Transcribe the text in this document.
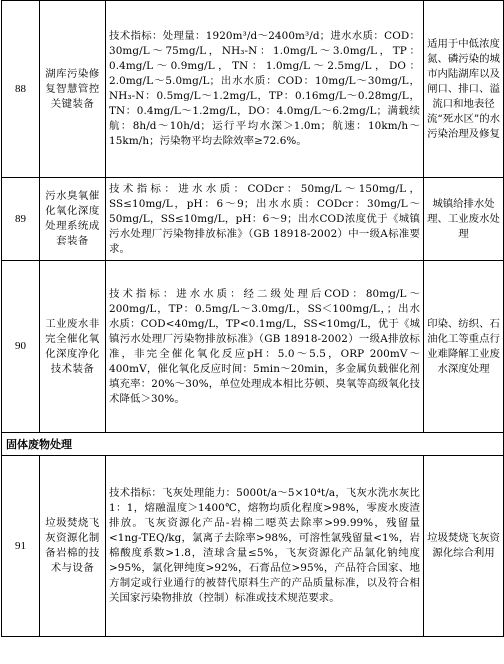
88	湖库污染修复智慧管控关键装备	技术指标：处理量：1920m³/d～2400m³/d；进水水质：COD：30mg/L～75mg/L，NH₃-N：1.0mg/L～3.0mg/L，TP：0.4mg/L～0.9mg/L，TN：1.0mg/L～2.5mg/L，DO：2.0mg/L～5.0mg/L；出水水质：COD：10mg/L～30mg/L，NH₃-N：0.5mg/L～1.2mg/L，TP：0.16mg/L～0.28mg/L，TN：0.4mg/L～1.2mg/L，DO：4.0mg/L～6.2mg/L；满载续航：8h/d～10h/d；运行平均水深＞1.0m；航速：10km/h～15km/h；污染物平均去除效率≥72.6%。	适用于中低浓度氮、磷污染的城市内陆湖库以及闸口、排口、溢流口和地表径流“死水区”的水污染治理及修复
89	污水臭氧催化氧化深度处理系统成套装备	技术指标：进水水质：CODcr：50mg/L～150mg/L，SS≤10mg/L，pH：6～9；出水水质：CODcr：30mg/L～50mg/L，SS≤10mg/L，pH：6～9；出水COD浓度优于《城镇污水处理厂污染物排放标准》（GB 18918-2002）中一级A标准要求。	城镇给排水处理、工业废水处理
90	工业废水非完全催化氧化深度净化技术装备	技术指标：进水水质：经二级处理后COD：80mg/L～200mg/L，TP：0.5mg/L～3.0mg/L，SS＜100mg/L，；出水水质：COD<40mg/L，TP<0.1mg/L，SS<10mg/L，优于《城镇污水处理厂污染物排放标准》（GB 18918-2002）一级A排放标准，非完全催化氧化反应pH：5.0～5.5，ORP 200mV～400mV，催化氧化反应时间：5min～20min，多金属负载催化剂填充率：20%～30%，单位处理成本相比芬顿、臭氧等高级氧化技术降低＞30%。	印染、纺织、石油化工等重点行业难降解工业废水深度处理
固体废物处理			
91	垃圾焚烧飞灰资源化制备岩棉的技术与设备	技术指标：飞灰处理能力：5000t/a～5×10⁴t/a，飞灰水洗水灰比1：1，熔融温度＞1400℃，熔物均质化程度>98%，零废水废渣排放。飞灰资源化产品-岩棉二噁英去除率>99.99%，残留量<1ng-TEQ/kg，氯离子去除率>98%，可溶性氯残留量<1%，岩棉酸度系数>1.8，渣球含量≤5%，飞灰资源化产品氯化钠纯度>95%，氯化钾纯度>92%，石膏品位>95%，产品符合国家、地方制定或行业通行的被替代原料生产的产品质量标准，以及符合相关国家污染物排放（控制）标准或技术规范要求。	垃圾焚烧飞灰资源化综合利用
